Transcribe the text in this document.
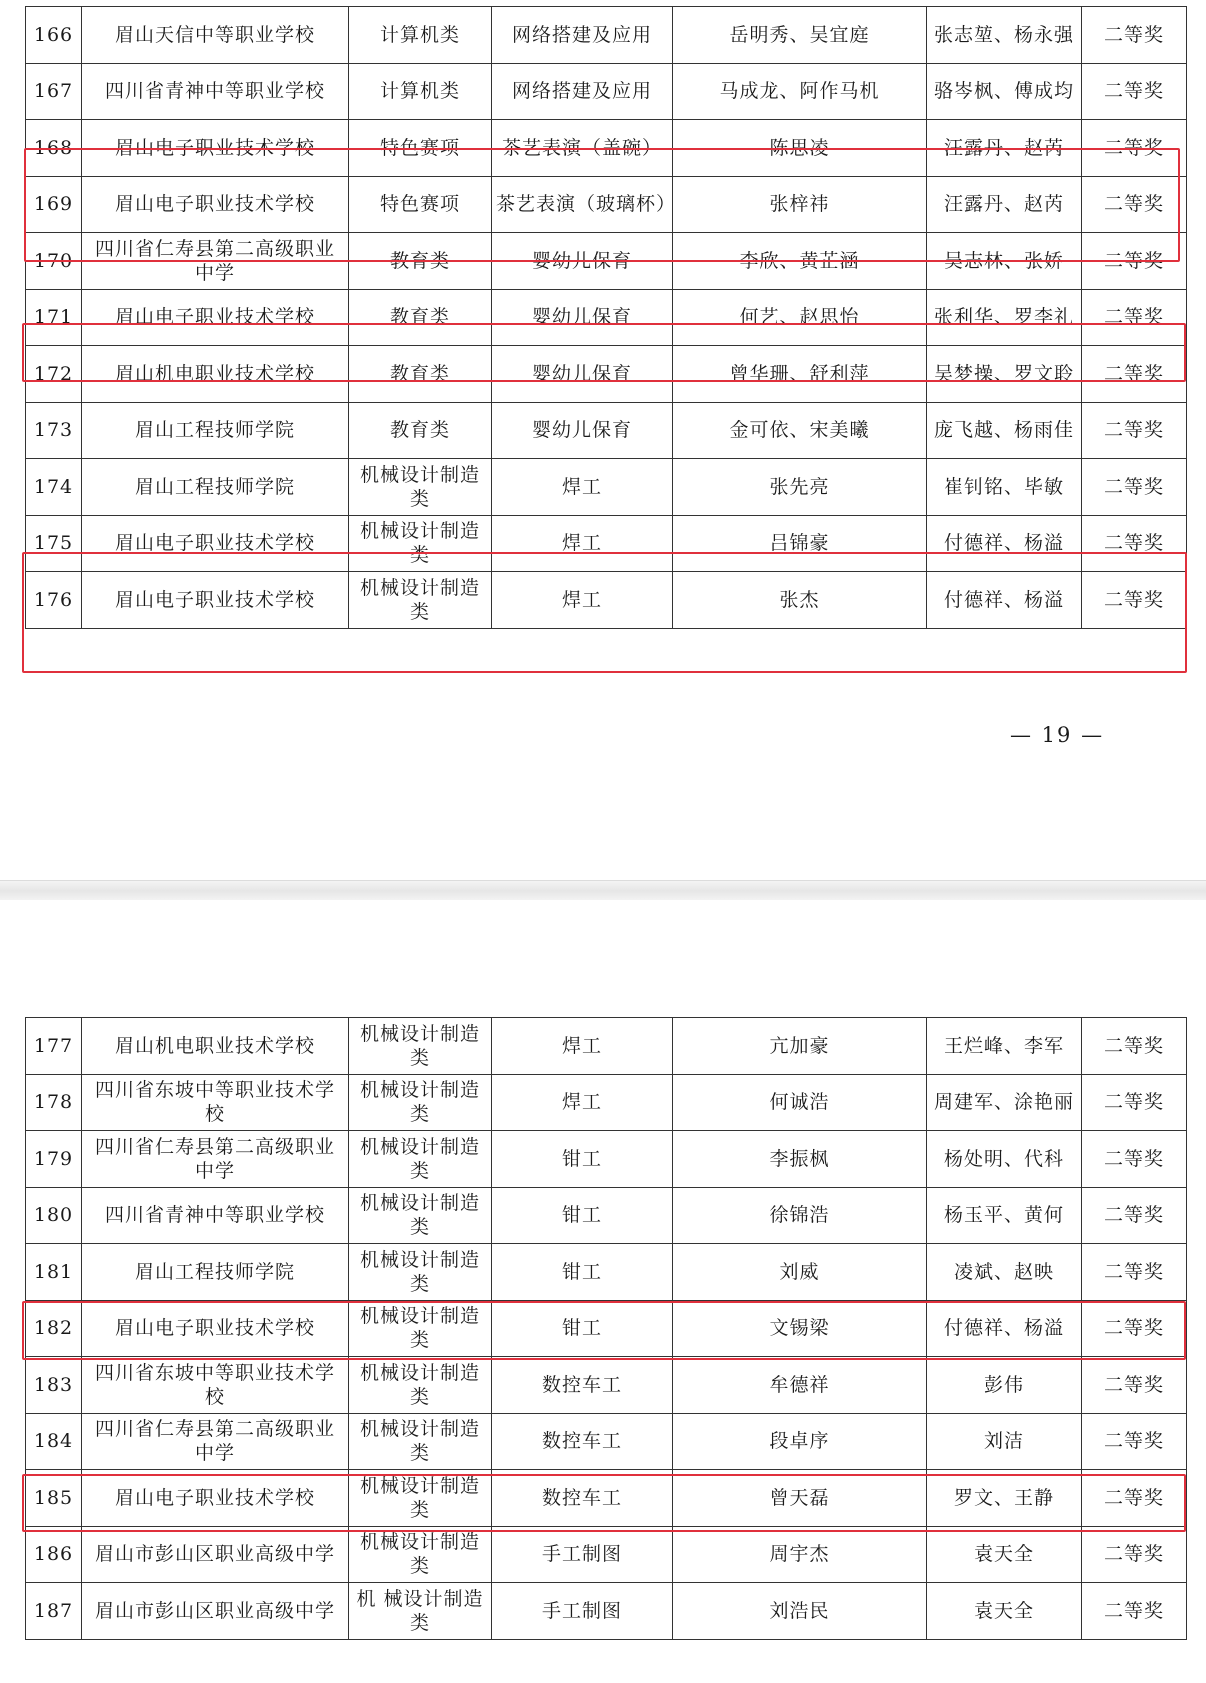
166	眉山天信中等职业学校	计算机类	网络搭建及应用	岳明秀、吴宜庭	张志堃、杨永强	二等奖
167	四川省青神中等职业学校	计算机类	网络搭建及应用	马成龙、阿作马机	骆岑枫、傅成均	二等奖
168	眉山电子职业技术学校	特色赛项	茶艺表演（盖碗）	陈思凌	汪露丹、赵芮	二等奖
169	眉山电子职业技术学校	特色赛项	茶艺表演（玻璃杯）	张梓祎	汪露丹、赵芮	二等奖
170	四川省仁寿县第二高级职业中学	教育类	婴幼儿保育	李欣、黄芷涵	吴志林、张娇	二等奖
171	眉山电子职业技术学校	教育类	婴幼儿保育	何艺、赵思怡	张利华、罗李礼	二等奖
172	眉山机电职业技术学校	教育类	婴幼儿保育	曾华珊、舒利萍	吴梦操、罗文聆	二等奖
173	眉山工程技师学院	教育类	婴幼儿保育	金可依、宋美曦	庞飞越、杨雨佳	二等奖
174	眉山工程技师学院	机械设计制造类	焊工	张先亮	崔钊铭、毕敏	二等奖
175	眉山电子职业技术学校	机械设计制造类	焊工	吕锦豪	付德祥、杨溢	二等奖
176	眉山电子职业技术学校	机械设计制造类	焊工	张杰	付德祥、杨溢	二等奖
— 19 —
177	眉山机电职业技术学校	机械设计制造类	焊工	亢加豪	王烂峰、李军	二等奖
178	四川省东坡中等职业技术学校	机械设计制造类	焊工	何诚浩	周建军、涂艳丽	二等奖
179	四川省仁寿县第二高级职业中学	机械设计制造类	钳工	李振枫	杨处明、代科	二等奖
180	四川省青神中等职业学校	机械设计制造类	钳工	徐锦浩	杨玉平、黄何	二等奖
181	眉山工程技师学院	机械设计制造类	钳工	刘威	凌斌、赵映	二等奖
182	眉山电子职业技术学校	机械设计制造类	钳工	文锡梁	付德祥、杨溢	二等奖
183	四川省东坡中等职业技术学校	机械设计制造类	数控车工	牟德祥	彭伟	二等奖
184	四川省仁寿县第二高级职业中学	机械设计制造类	数控车工	段卓序	刘洁	二等奖
185	眉山电子职业技术学校	机械设计制造类	数控车工	曾天磊	罗文、王静	二等奖
186	眉山市彭山区职业高级中学	机械设计制造类	手工制图	周宇杰	袁天全	二等奖
187	眉山市彭山区职业高级中学	机 械设计制造类	手工制图	刘浩民	袁天全	二等奖
